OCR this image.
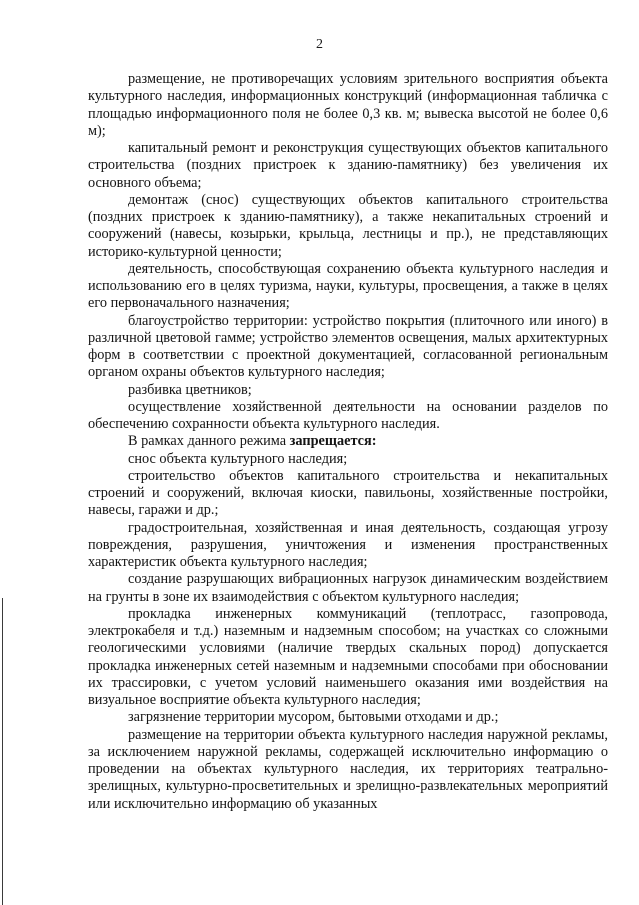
2

размещение, не противоречащих условиям зрительного восприятия объекта культурного наследия, информационных конструкций (информационная табличка с площадью информационного поля не более 0,3 кв. м; вывеска высотой не более 0,6 м);

капитальный ремонт и реконструкция существующих объектов капитального строительства (поздних пристроек к зданию-памятнику) без увеличения их основного объема;

демонтаж (снос) существующих объектов капитального строительства (поздних пристроек к зданию-памятнику), а также некапитальных строений и сооружений (навесы, козырьки, крыльца, лестницы и пр.), не представляющих историко-культурной ценности;

деятельность, способствующая сохранению объекта культурного наследия и использованию его в целях туризма, науки, культуры, просвещения, а также в целях его первоначального назначения;

благоустройство территории: устройство покрытия (плиточного или иного) в различной цветовой гамме; устройство элементов освещения, малых архитектурных форм в соответствии с проектной документацией, согласованной региональным органом охраны объектов культурного наследия;

разбивка цветников;

осуществление хозяйственной деятельности на основании разделов по обеспечению сохранности объекта культурного наследия.

В рамках данного режима запрещается:

снос объекта культурного наследия;

строительство объектов капитального строительства и некапитальных строений и сооружений, включая киоски, павильоны, хозяйственные постройки, навесы, гаражи и др.;

градостроительная, хозяйственная и иная деятельность, создающая угрозу повреждения, разрушения, уничтожения и изменения пространственных характеристик объекта культурного наследия;

создание разрушающих вибрационных нагрузок динамическим воздействием на грунты в зоне их взаимодействия с объектом культурного наследия;

прокладка инженерных коммуникаций (теплотрасс, газопровода, электрокабеля и т.д.) наземным и надземным способом; на участках со сложными геологическими условиями (наличие твердых скальных пород) допускается прокладка инженерных сетей наземным и надземными способами при обосновании их трассировки, с учетом условий наименьшего оказания ими воздействия на визуальное восприятие объекта культурного наследия;

загрязнение территории мусором, бытовыми отходами и др.;

размещение на территории объекта культурного наследия наружной рекламы, за исключением наружной рекламы, содержащей исключительно информацию о проведении на объектах культурного наследия, их территориях театрально-зрелищных, культурно-просветительных и зрелищно-развлекательных мероприятий или исключительно информацию об указанных
